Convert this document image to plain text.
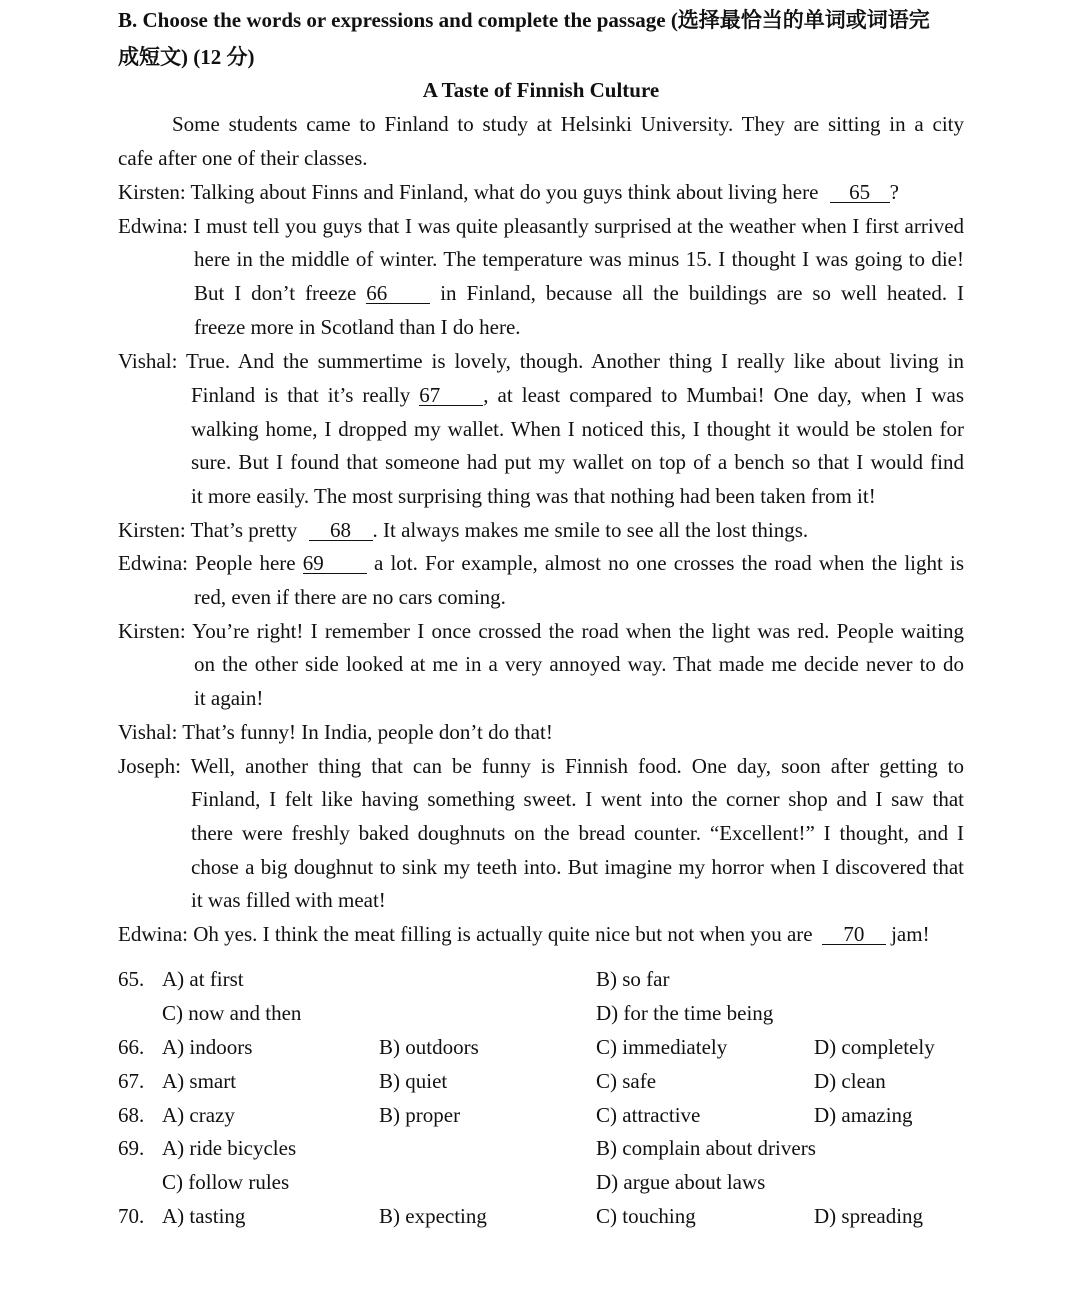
B. Choose the words or expressions and complete the passage (选择最恰当的单词或词语完
成短文) (12 分)
A Taste of Finnish Culture
Some students came to Finland to study at Helsinki University. They are sitting in a city
cafe after one of their classes.
Kirsten: Talking about Finns and Finland, what do you guys think about living here 65 ?
Edwina: I must tell you guys that I was quite pleasantly surprised at the weather when I first arrived
here in the middle of winter. The temperature was minus 15. I thought I was going to die!
But I don’t freeze 66	in Finland, because all the buildings are so well heated. I
freeze more in Scotland than I do here.
Vishal: True. And the summertime is lovely, though. Another thing I really like about living in
Finland is that it’s really 67 , at least compared to Mumbai! One day, when I was
walking home, I dropped my wallet. When I noticed this, I thought it would be stolen for
sure. But I found that someone had put my wallet on top of a bench so that I would find
it more easily. The most surprising thing was that nothing had been taken from it!
Kirsten: That’s pretty 68 . It always makes me smile to see all the lost things.
Edwina: People here 69 a lot. For example, almost no one crosses the road when the light is
red, even if there are no cars coming.
Kirsten: You’re right! I remember I once crossed the road when the light was red. People waiting
on the other side looked at me in a very annoyed way. That made me decide never to do
it again!
Vishal: That’s funny! In India, people don’t do that!
Joseph: Well, another thing that can be funny is Finnish food. One day, soon after getting to
Finland, I felt like having something sweet. I went into the corner shop and I saw that
there were freshly baked doughnuts on the bread counter. “Excellent!” I thought, and I
chose a big doughnut to sink my teeth into. But imagine my horror when I discovered that
it was filled with meat!
Edwina: Oh yes. I think the meat filling is actually quite nice but not when you are 70 jam!
65. A) at first	B) so far
C) now and then	D) for the time being
66. A) indoors	B) outdoors	C) immediately	D) completely
67. A) smart	B) quiet	C) safe	D) clean
68. A) crazy	B) proper	C) attractive	D) amazing
69. A) ride bicycles	B) complain about drivers
C) follow rules	D) argue about laws
70. A) tasting	B) expecting	C) touching	D) spreading
